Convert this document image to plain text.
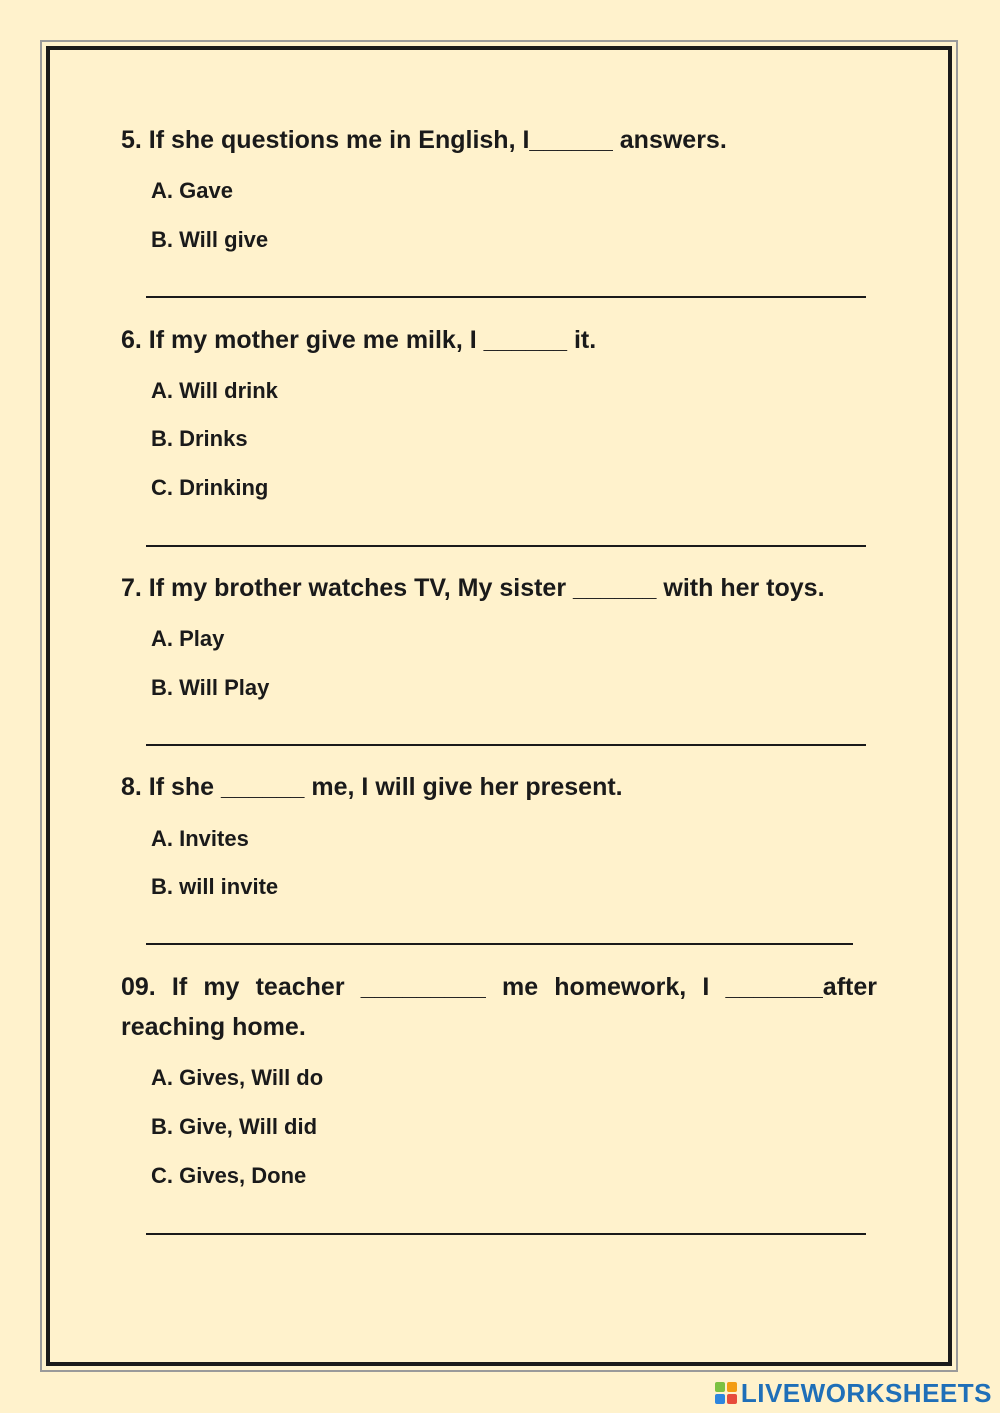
5. If she questions me in English, I______ answers.

A. Gave

B. Will give

6. If my mother give me milk, I ______ it.

A. Will drink

B. Drinks

C. Drinking

7. If my brother watches TV, My sister ______ with her toys.

A. Play

B. Will Play

8. If she ______ me, I will give her present.

A. Invites

B. will invite

09. If my teacher _________ me homework, I _______after
reaching home.

A. Gives, Will do

B. Give, Will did

C. Gives, Done

LIVEWORKSHEETS
